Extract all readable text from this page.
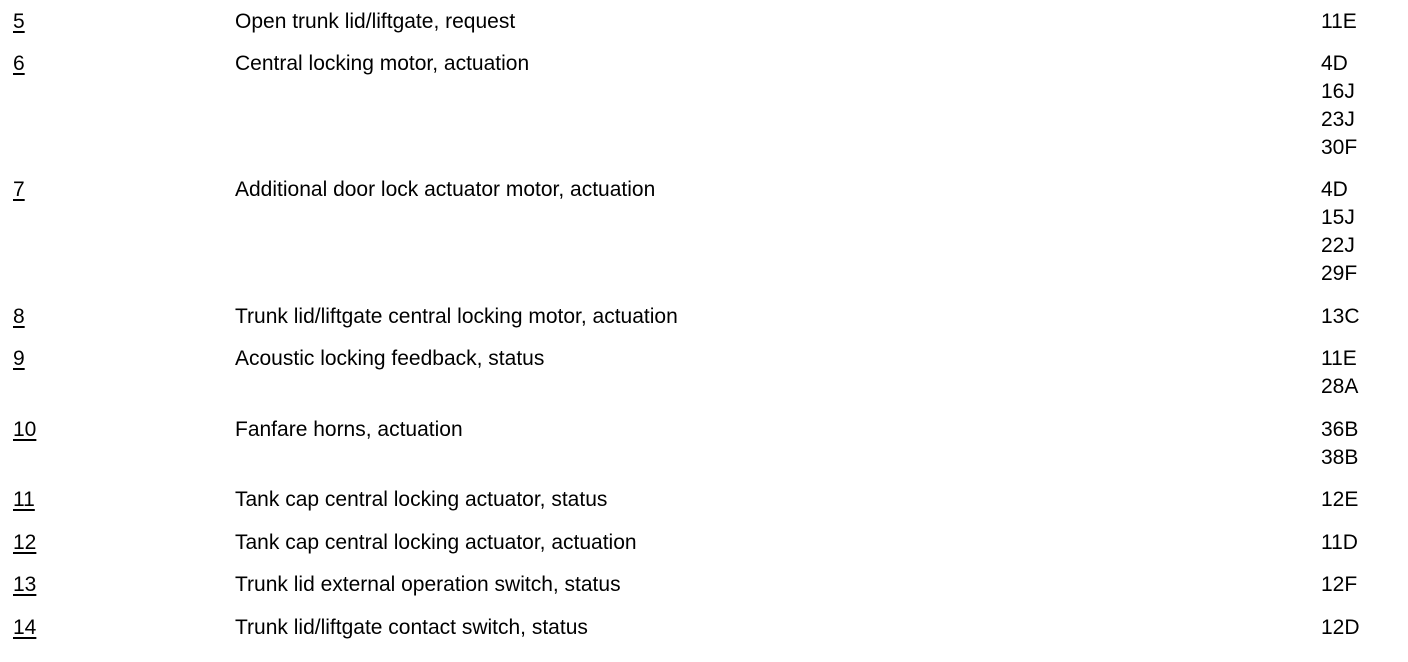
5	Open trunk lid/liftgate, request	11E
6	Central locking motor, actuation	4D
16J
23J
30F
7	Additional door lock actuator motor, actuation	4D
15J
22J
29F
8	Trunk lid/liftgate central locking motor, actuation	13C
9	Acoustic locking feedback, status	11E
28A
10	Fanfare horns, actuation	36B
38B
11	Tank cap central locking actuator, status	12E
12	Tank cap central locking actuator, actuation	11D
13	Trunk lid external operation switch, status	12F
14	Trunk lid/liftgate contact switch, status	12D
